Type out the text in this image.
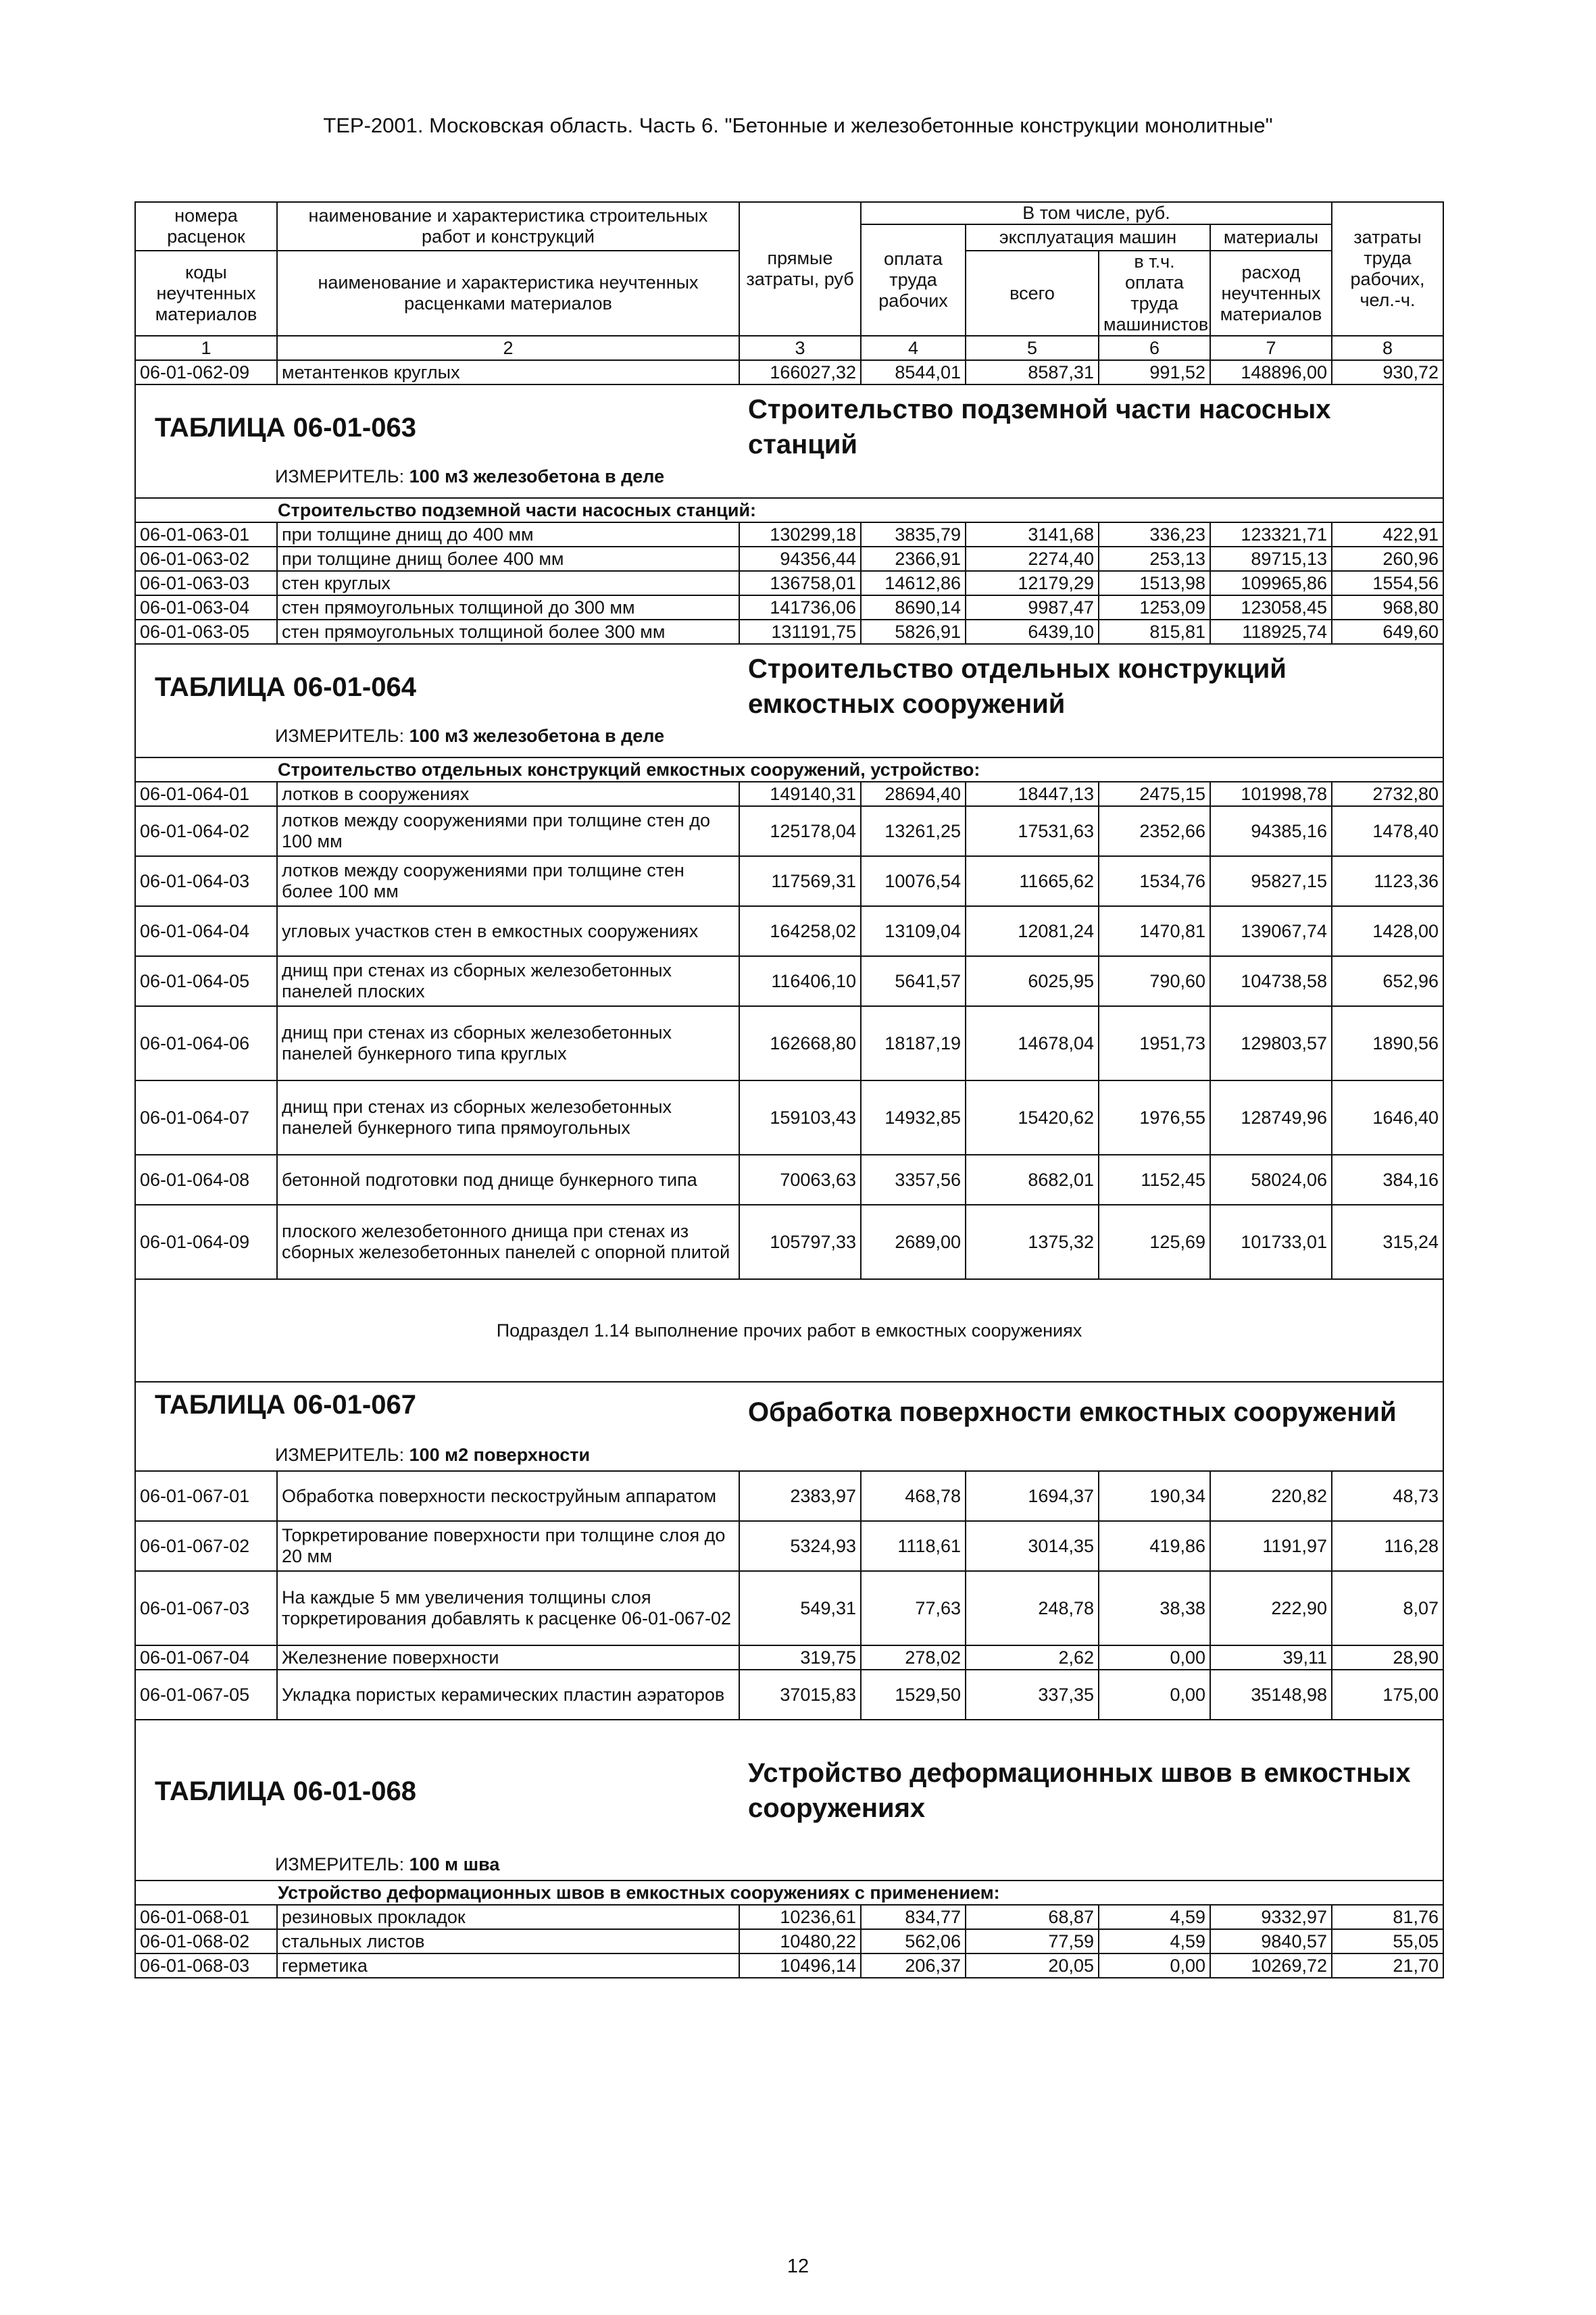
ТЕР-2001. Московская область. Часть 6. "Бетонные и железобетонные конструкции монолитные"
номера расценок	наименование и характеристика строительных работ и конструкций	прямые затраты, руб	В том числе, руб.				затраты труда рабочих, чел.-ч.
			оплата труда рабочих	эксплуатация машин		материалы	
коды неучтенных материалов	наименование и характеристика неучтенных расценками материалов			всего	в т.ч. оплата труда машинистов	расход неучтенных материалов	
1	2	3	4	5	6	7	8
06-01-062-09	метантенков круглых	166027,32	8544,01	8587,31	991,52	148896,00	930,72

ТАБЛИЦА 06-01-063
Строительство подземной части насосных станций
ИЗМЕРИТЕЛЬ: 100 м3 железобетона в деле							

Строительство подземной части насосных станций:							
06-01-063-01	при толщине днищ до 400 мм	130299,18	3835,79	3141,68	336,23	123321,71	422,91
06-01-063-02	при толщине днищ более 400 мм	94356,44	2366,91	2274,40	253,13	89715,13	260,96
06-01-063-03	стен круглых	136758,01	14612,86	12179,29	1513,98	109965,86	1554,56
06-01-063-04	стен прямоугольных толщиной до 300 мм	141736,06	8690,14	9987,47	1253,09	123058,45	968,80
06-01-063-05	стен прямоугольных толщиной более 300 мм	131191,75	5826,91	6439,10	815,81	118925,74	649,60

ТАБЛИЦА 06-01-064
Строительство отдельных конструкций емкостных сооружений
ИЗМЕРИТЕЛЬ: 100 м3 железобетона в деле							

Строительство отдельных конструкций емкостных сооружений, устройство:							
06-01-064-01	лотков в сооружениях	149140,31	28694,40	18447,13	2475,15	101998,78	2732,80
06-01-064-02	лотков между сооружениями при толщине стен до 100 мм	125178,04	13261,25	17531,63	2352,66	94385,16	1478,40
06-01-064-03	лотков между сооружениями при толщине стен более 100 мм	117569,31	10076,54	11665,62	1534,76	95827,15	1123,36
06-01-064-04	угловых участков стен в емкостных сооружениях	164258,02	13109,04	12081,24	1470,81	139067,74	1428,00
06-01-064-05	днищ при стенах из сборных железобетонных панелей плоских	116406,10	5641,57	6025,95	790,60	104738,58	652,96
06-01-064-06	днищ при стенах из сборных железобетонных панелей бункерного типа круглых	162668,80	18187,19	14678,04	1951,73	129803,57	1890,56
06-01-064-07	днищ при стенах из сборных железобетонных панелей бункерного типа прямоугольных	159103,43	14932,85	15420,62	1976,55	128749,96	1646,40
06-01-064-08	бетонной подготовки под днище бункерного типа	70063,63	3357,56	8682,01	1152,45	58024,06	384,16
06-01-064-09	плоского железобетонного днища при стенах из сборных железобетонных панелей с опорной плитой	105797,33	2689,00	1375,32	125,69	101733,01	315,24
Подраздел 1.14 выполнение прочих работ в емкостных сооружениях							

ТАБЛИЦА 06-01-067 Обработка поверхности емкостных сооружений
ИЗМЕРИТЕЛЬ: 100 м2 поверхности							

06-01-067-01	Обработка поверхности пескоструйным аппаратом	2383,97	468,78	1694,37	190,34	220,82	48,73
06-01-067-02	Торкретирование поверхности при толщине слоя до 20 мм	5324,93	1118,61	3014,35	419,86	1191,97	116,28
06-01-067-03	На каждые 5 мм увеличения толщины слоя торкретирования добавлять к расценке 06-01-067-02	549,31	77,63	248,78	38,38	222,90	8,07
06-01-067-04	Железнение поверхности	319,75	278,02	2,62	0,00	39,11	28,90
06-01-067-05	Укладка пористых керамических пластин аэраторов	37015,83	1529,50	337,35	0,00	35148,98	175,00

ТАБЛИЦА 06-01-068
Устройство деформационных швов в емкостных сооружениях
ИЗМЕРИТЕЛЬ: 100 м шва							

Устройство деформационных швов в емкостных сооружениях с применением:							
06-01-068-01	резиновых прокладок	10236,61	834,77	68,87	4,59	9332,97	81,76
06-01-068-02	стальных листов	10480,22	562,06	77,59	4,59	9840,57	55,05
06-01-068-03	герметика	10496,14	206,37	20,05	0,00	10269,72	21,70
12
